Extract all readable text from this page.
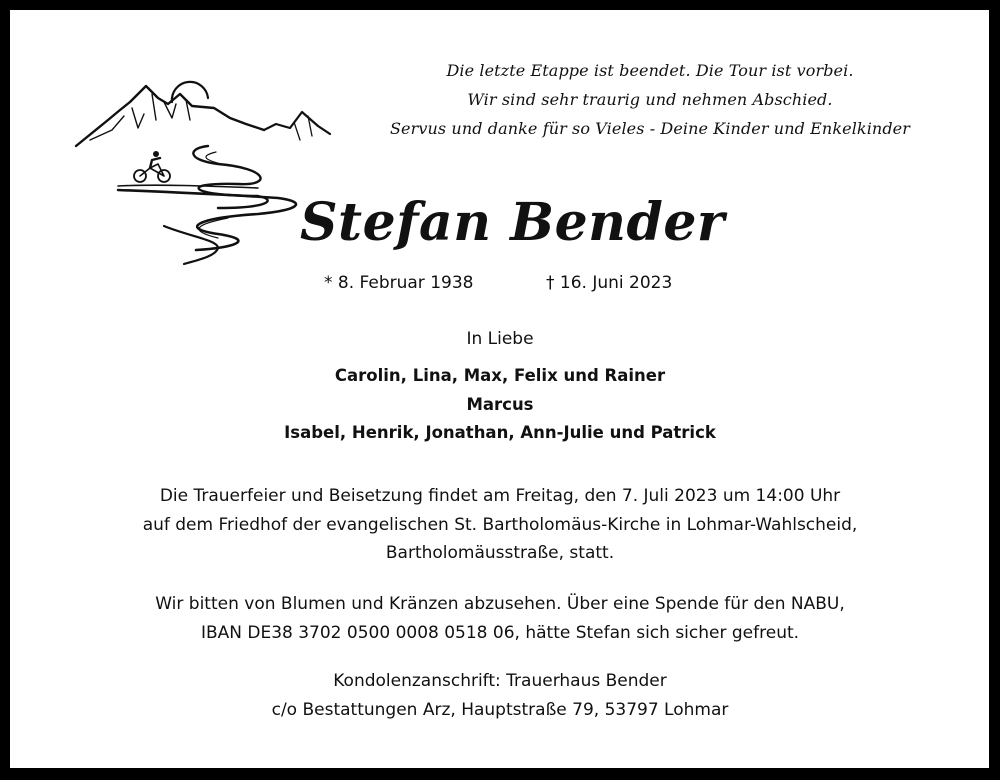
Die letzte Etappe ist beendet. Die Tour ist vorbei.
Wir sind sehr traurig und nehmen Abschied.
Servus und danke für so Vieles - Deine Kinder und Enkelkinder
Stefan Bender
* 8. Februar 1938	† 16. Juni 2023
In Liebe
Carolin, Lina, Max, Felix und Rainer
Marcus
Isabel, Henrik, Jonathan, Ann-Julie und Patrick
Die Trauerfeier und Beisetzung findet am Freitag, den 7. Juli 2023 um 14:00 Uhr
auf dem Friedhof der evangelischen St. Bartholomäus-Kirche in Lohmar-Wahlscheid,
Bartholomäusstraße, statt.
Wir bitten von Blumen und Kränzen abzusehen. Über eine Spende für den NABU,
IBAN DE38 3702 0500 0008 0518 06, hätte Stefan sich sicher gefreut.
Kondolenzanschrift: Trauerhaus Bender
c/o Bestattungen Arz, Hauptstraße 79, 53797 Lohmar
